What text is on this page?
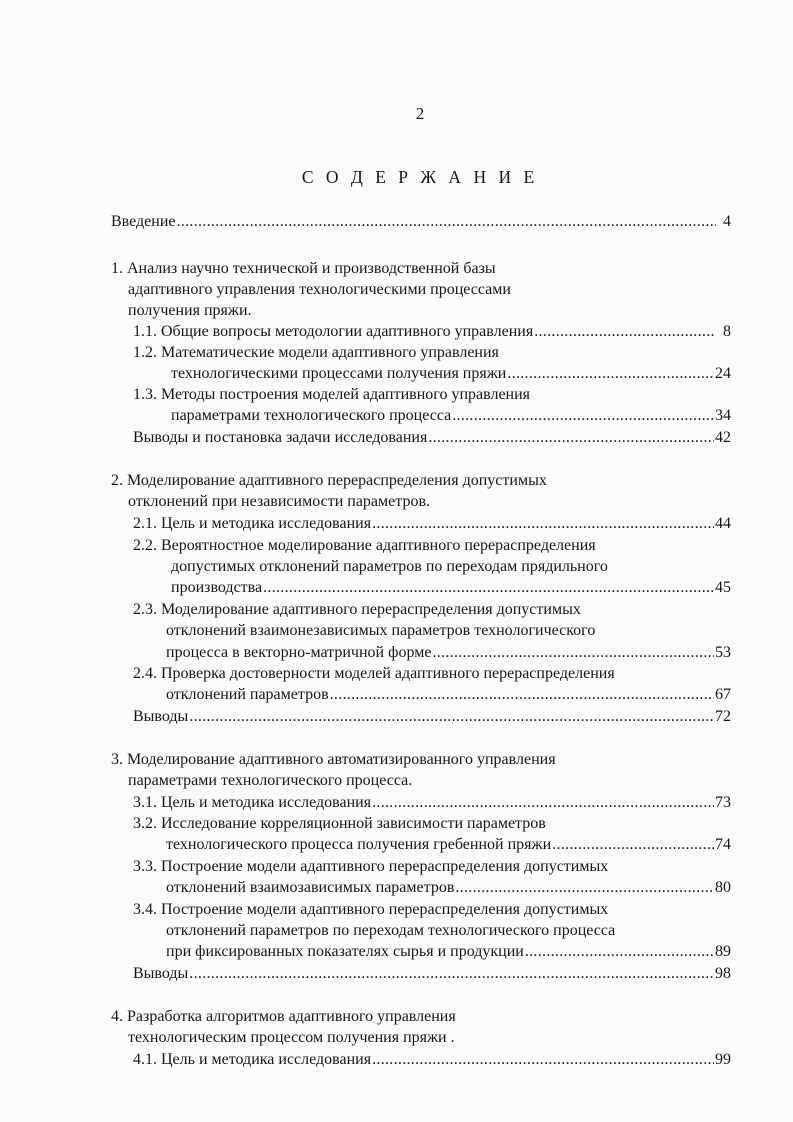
2
С О Д Е Р Ж А Н И Е
Введение .....	4
1. Анализ научно технической и производственной базы
адаптивного управления технологическими процессами
получения пряжи.
1.1. Общие вопросы методологии адаптивного управления .....	8
1.2. Математические модели адаптивного управления
технологическими процессами получения пряжи .....	24
1.3. Методы построения моделей адаптивного управления
параметрами технологического процесса .....	34
Выводы и постановка задачи исследования .....	42
2. Моделирование адаптивного перераспределения допустимых
отклонений при независимости параметров.
2.1. Цель и методика исследования .....	44
2.2. Вероятностное моделирование адаптивного перераспределения
допустимых отклонений параметров по переходам прядильного
производства .....	45
2.3. Моделирование адаптивного перераспределения допустимых
отклонений взаимонезависимых параметров технологического
процесса в векторно-матричной форме .....	53
2.4. Проверка достоверности моделей адаптивного перераспределения
отклонений параметров .....	67
Выводы .....	72
3. Моделирование адаптивного автоматизированного управления
параметрами технологического процесса.
3.1. Цель и методика исследования .....	73
3.2. Исследование корреляционной зависимости параметров
технологического процесса получения гребенной пряжи .....	74
3.3. Построение модели адаптивного перераспределения допустимых
отклонений взаимозависимых параметров .....	80
3.4. Построение модели адаптивного перераспределения допустимых
отклонений параметров по переходам технологического процесса
при фиксированных показателях сырья и продукции .....	89
Выводы .....	98
4. Разработка алгоритмов адаптивного управления
технологическим процессом получения пряжи .
4.1. Цель и методика исследования .....	99
